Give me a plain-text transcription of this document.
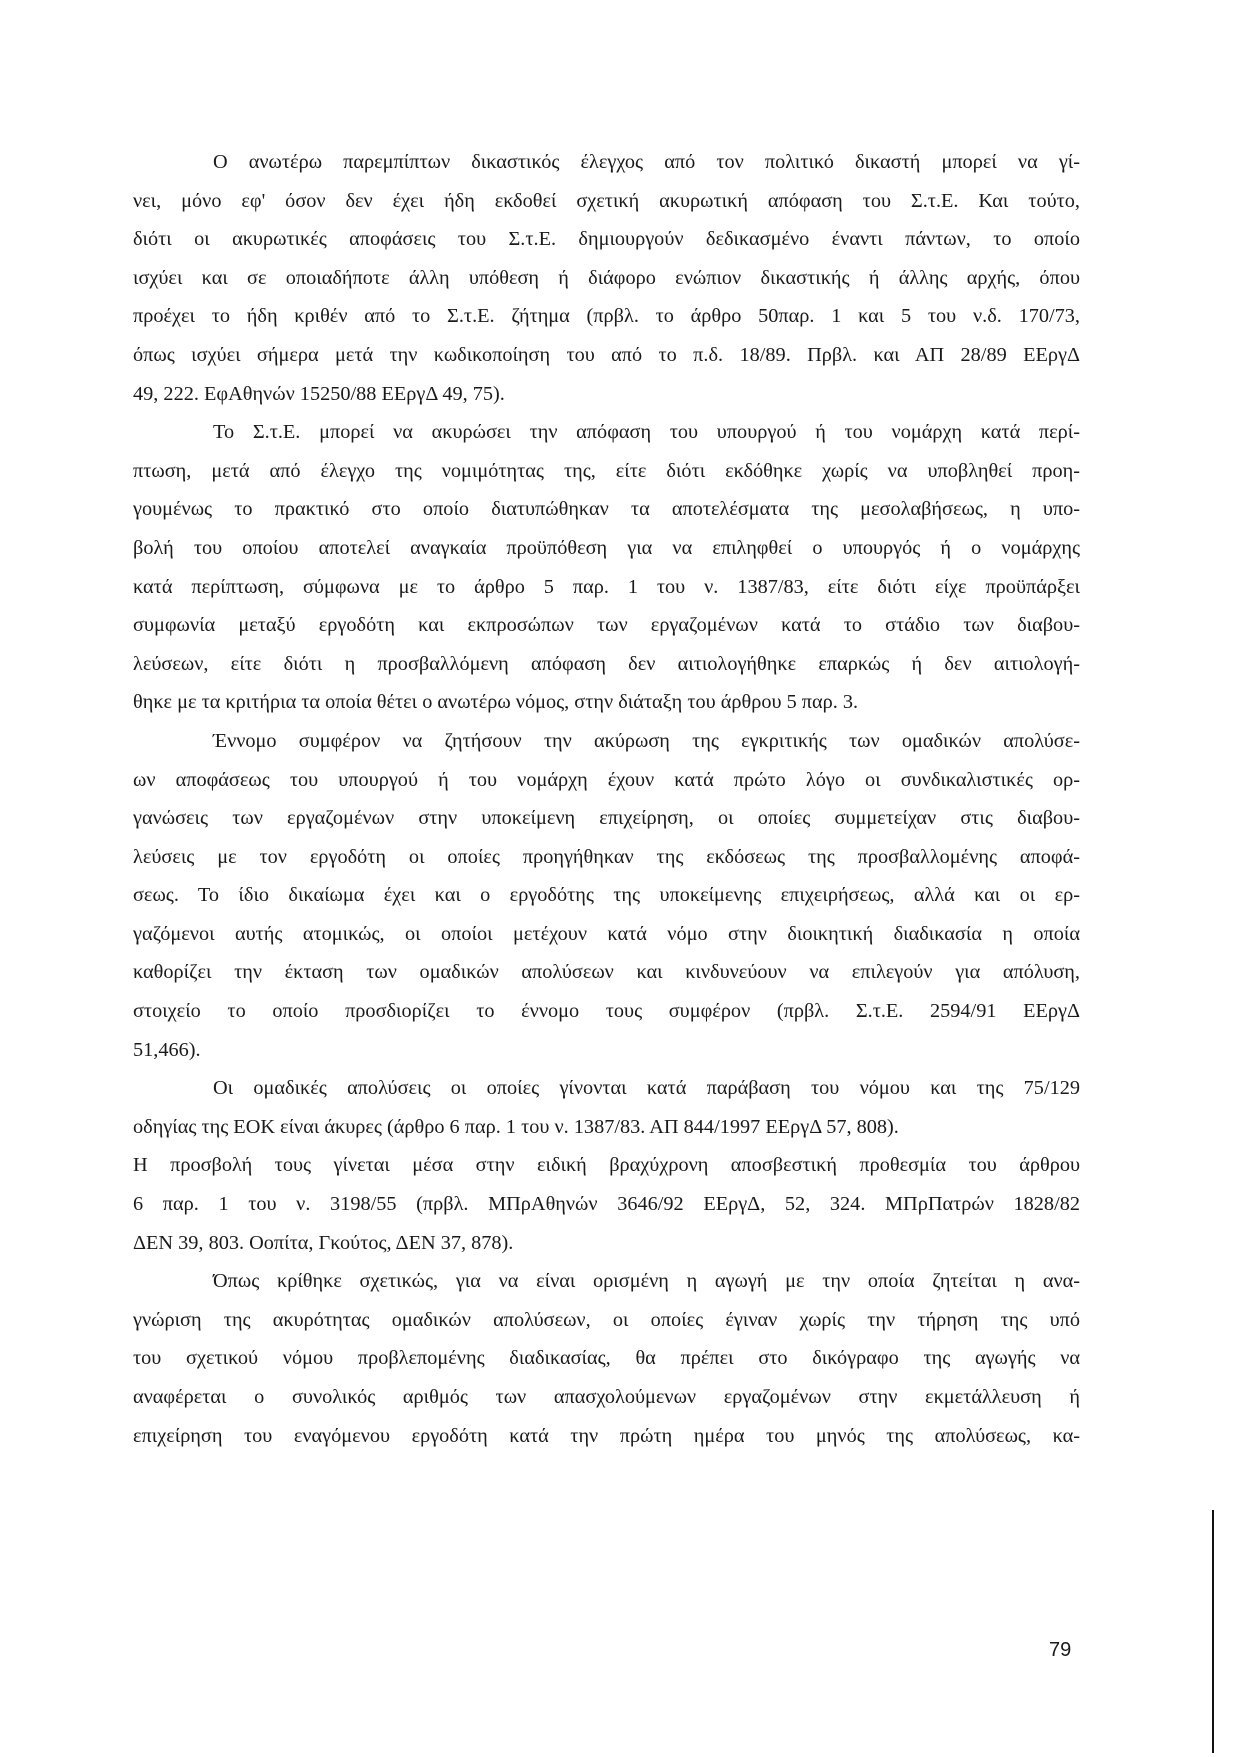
Ο ανωτέρω παρεμπίπτων δικαστικός έλεγχος από τον πολιτικό δικαστή μπορεί να γί-
νει, μόνο εφ' όσον δεν έχει ήδη εκδοθεί σχετική ακυρωτική απόφαση του Σ.τ.Ε. Και τούτο,
διότι οι ακυρωτικές αποφάσεις του Σ.τ.Ε. δημιουργούν δεδικασμένο έναντι πάντων, το οποίο
ισχύει και σε οποιαδήποτε άλλη υπόθεση ή διάφορο ενώπιον δικαστικής ή άλλης αρχής, όπου
προέχει το ήδη κριθέν από το Σ.τ.Ε. ζήτημα (πρβλ. το άρθρο 50παρ. 1 και 5 του ν.δ. 170/73,
όπως ισχύει σήμερα μετά την κωδικοποίηση του από το π.δ. 18/89. Πρβλ. και ΑΠ 28/89 ΕΕργΔ
49, 222. ΕφΑθηνών 15250/88 ΕΕργΔ 49, 75).
Το Σ.τ.Ε. μπορεί να ακυρώσει την απόφαση του υπουργού ή του νομάρχη κατά περί-
πτωση, μετά από έλεγχο της νομιμότητας της, είτε διότι εκδόθηκε χωρίς να υποβληθεί προη-
γουμένως το πρακτικό στο οποίο διατυπώθηκαν τα αποτελέσματα της μεσολαβήσεως, η υπο-
βολή του οποίου αποτελεί αναγκαία προϋπόθεση για να επιληφθεί ο υπουργός ή ο νομάρχης
κατά περίπτωση, σύμφωνα με το άρθρο 5 παρ. 1 του ν. 1387/83, είτε διότι είχε προϋπάρξει
συμφωνία μεταξύ εργοδότη και εκπροσώπων των εργαζομένων κατά το στάδιο των διαβου-
λεύσεων, είτε διότι η προσβαλλόμενη απόφαση δεν αιτιολογήθηκε επαρκώς ή δεν αιτιολογή-
θηκε με τα κριτήρια τα οποία θέτει ο ανωτέρω νόμος, στην διάταξη του άρθρου 5 παρ. 3.
Έννομο συμφέρον να ζητήσουν την ακύρωση της εγκριτικής των ομαδικών απολύσε-
ων αποφάσεως του υπουργού ή του νομάρχη έχουν κατά πρώτο λόγο οι συνδικαλιστικές ορ-
γανώσεις των εργαζομένων στην υποκείμενη επιχείρηση, οι οποίες συμμετείχαν στις διαβου-
λεύσεις με τον εργοδότη οι οποίες προηγήθηκαν της εκδόσεως της προσβαλλομένης αποφά-
σεως. Το ίδιο δικαίωμα έχει και ο εργοδότης της υποκείμενης επιχειρήσεως, αλλά και οι ερ-
γαζόμενοι αυτής ατομικώς, οι οποίοι μετέχουν κατά νόμο στην διοικητική διαδικασία η οποία
καθορίζει την έκταση των ομαδικών απολύσεων και κινδυνεύουν να επιλεγούν για απόλυση,
στοιχείο το οποίο προσδιορίζει το έννομο τους συμφέρον (πρβλ. Σ.τ.Ε. 2594/91 ΕΕργΔ
51,466).
Οι ομαδικές απολύσεις οι οποίες γίνονται κατά παράβαση του νόμου και της 75/129
οδηγίας της ΕΟΚ είναι άκυρες (άρθρο 6 παρ. 1 του ν. 1387/83. ΑΠ 844/1997 ΕΕργΔ 57, 808).
Η προσβολή τους γίνεται μέσα στην ειδική βραχύχρονη αποσβεστική προθεσμία του άρθρου
6 παρ. 1 του ν. 3198/55 (πρβλ. ΜΠρΑθηνών 3646/92 ΕΕργΔ, 52, 324. ΜΠρΠατρών 1828/82
ΔΕΝ 39, 803. Οοπίτα, Γκούτος, ΔΕΝ 37, 878).
Όπως κρίθηκε σχετικώς, για να είναι ορισμένη η αγωγή με την οποία ζητείται η ανα-
γνώριση της ακυρότητας ομαδικών απολύσεων, οι οποίες έγιναν χωρίς την τήρηση της υπό
του σχετικού νόμου προβλεπομένης διαδικασίας, θα πρέπει στο δικόγραφο της αγωγής να
αναφέρεται ο συνολικός αριθμός των απασχολούμενων εργαζομένων στην εκμετάλλευση ή
επιχείρηση του εναγόμενου εργοδότη κατά την πρώτη ημέρα του μηνός της απολύσεως, κα-
79
